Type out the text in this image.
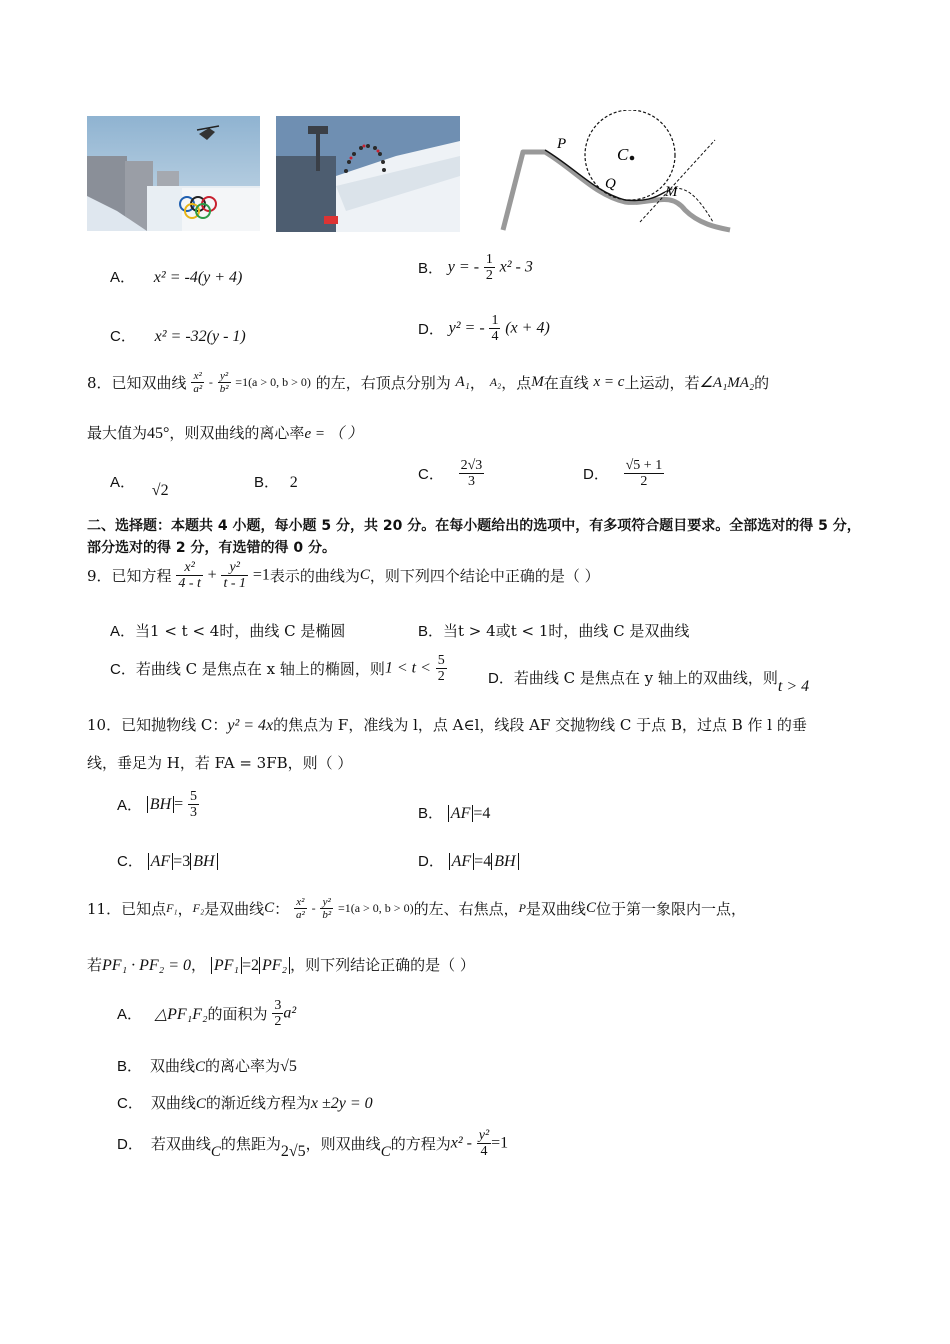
P
C
Q	M
A． x² = -4(y + 4)
B． y = - $\frac{1}{2} x^2 - 3$
C． x² = -32(y - 1)	D． y² = - $\frac{1}{4} (x + 4)$
8．已知双曲线 $\frac{\text{x²}}{\text{a²}} - \frac{\text{y²}}{\text{b²}} =1(a > 0$, b > 0) 的左，右顶点分别为 A₁， A₂，点M在直线 x = c上运动，若∠A₁MA₂的
最大值为45°，则双曲线的离心率e = （ ）
A． √2	B． 2	C． $\frac{2√3}{3}$	D． $\frac{√5 + 1}{2}$
二、选择题：本题共 4 小题，每小题 5 分，共 20 分。在每小题给出的选项中，有多项符合题目要求。全部选对的得 5 分，部分选对的得 2 分，有选错的得 0 分。
9．已知方程 $\frac{\text{x²}}{4 - t} + \frac{\text{y²}}{t - 1} =1$表示的曲线为C，则下列四个结论中正确的是（ ）
A．当1 < t < 4时，曲线 C 是椭圆	B．当t > 4或t < 1时，曲线 C 是双曲线
C．若曲线 C 是焦点在 x 轴上的椭圆，则$1 < t < \frac{5}{2}$	D．若曲线 C 是焦点在 y 轴上的双曲线，则t > 4
10．已知抛物线 C：y² = 4x的焦点为 F，准线为 l，点 A∈l，线段 AF 交抛物线 C 于点 B，过点 B 作 l 的垂
线，垂足为 H，若 FA = 3FB，则（ ）
A． BH = $\frac{5}{3}$	B． AF =4
C． AF =3 BH	D． AF =4 BH
11．已知点F₁，F₂是双曲线C： $\frac{\text{x²}}{\text{a²}} - \frac{\text{y²}}{\text{b²}} =1(a > 0$, b > 0)的左、右焦点，P是双曲线C位于第一象限内一点，
若PF₁ · PF₂ = 0， PF₁ =2 PF₂ ，则下列结论正确的是（ ）
A． △PF₁F₂的面积为 $\frac{3}{2} a^2$
B． 双曲线C的离心率为√5
C． 双曲线C的渐近线方程为x ±2y = 0
D． 若双曲线C的焦距为2√5，则双曲线C的方程为$x^2 - \frac{\text{y²}}{4} =1$
